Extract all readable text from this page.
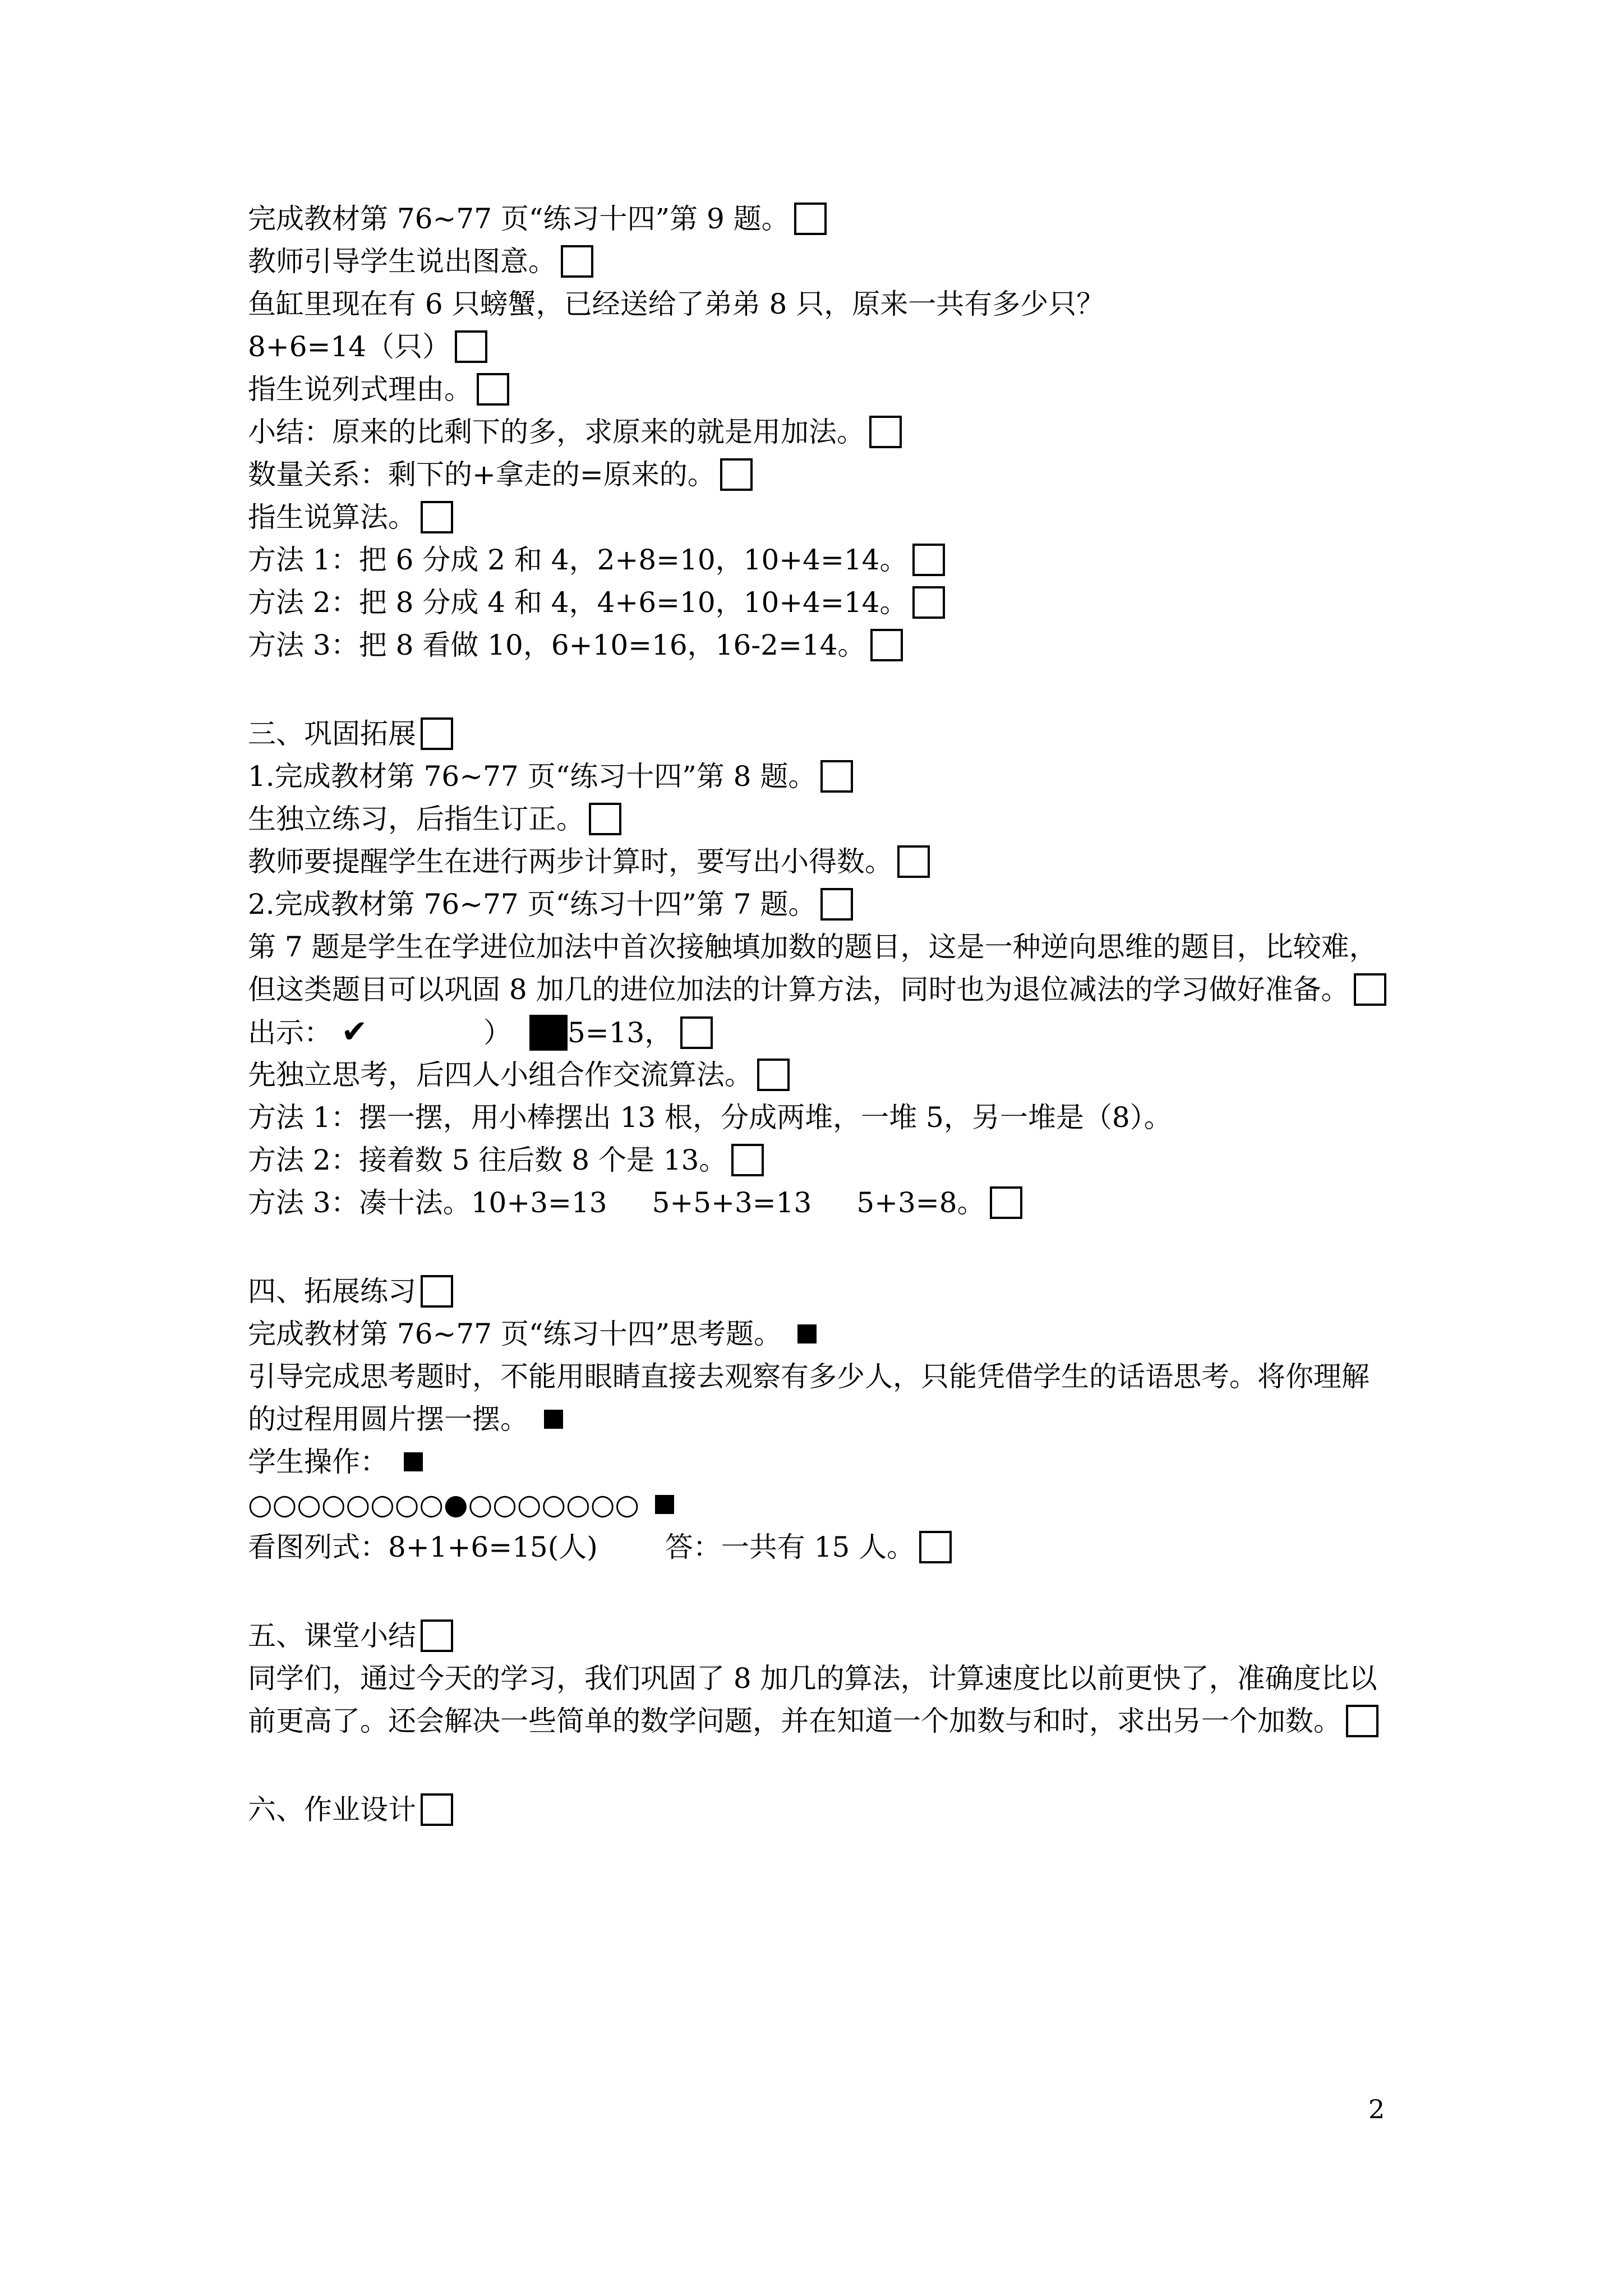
完成教材第 76~77 页“练习十四”第 9 题。
教师引导学生说出图意。
鱼缸里现在有 6 只螃蟹，已经送给了弟弟 8 只，原来一共有多少只？
8+6=14（只）
指生说列式理由。
小结：原来的比剩下的多，求原来的就是用加法。
数量关系：剩下的+拿走的=原来的。
指生说算法。
方法 1：把 6 分成 2 和 4，2+8=10，10+4=14。
方法 2：把 8 分成 4 和 4，4+6=10，10+4=14。
方法 3：把 8 看做 10，6+10=16，16-2=14。
三、巩固拓展
1.完成教材第 76~77 页“练习十四”第 8 题。
生独立练习，后指生订正。
教师要提醒学生在进行两步计算时，要写出小得数。
2.完成教材第 76~77 页“练习十四”第 7 题。
第 7 题是学生在学进位加法中首次接触填加数的题目，这是一种逆向思维的题目，比较难，
但这类题目可以巩固 8 加几的进位加法的计算方法，同时也为退位减法的学习做好准备。
出示： ✔	） 5=13，
先独立思考，后四人小组合作交流算法。
方法 1：摆一摆，用小棒摆出 13 根，分成两堆，一堆 5，另一堆是（8）。
方法 2：接着数 5 往后数 8 个是 13。
方法 3：凑十法。10+3=13 5+5+3=13 5+3=8。
四、拓展练习
完成教材第 76~77 页“练习十四”思考题。
引导完成思考题时，不能用眼睛直接去观察有多少人，只能凭借学生的话语思考。将你理解
的过程用圆片摆一摆。
学生操作：
○○○○○○○○●○○○○○○○
看图列式：8+1+6=15(人) 答：一共有 15 人。
五、课堂小结
同学们，通过今天的学习，我们巩固了 8 加几的算法，计算速度比以前更快了，准确度比以
前更高了。还会解决一些简单的数学问题，并在知道一个加数与和时，求出另一个加数。
六、作业设计
2
